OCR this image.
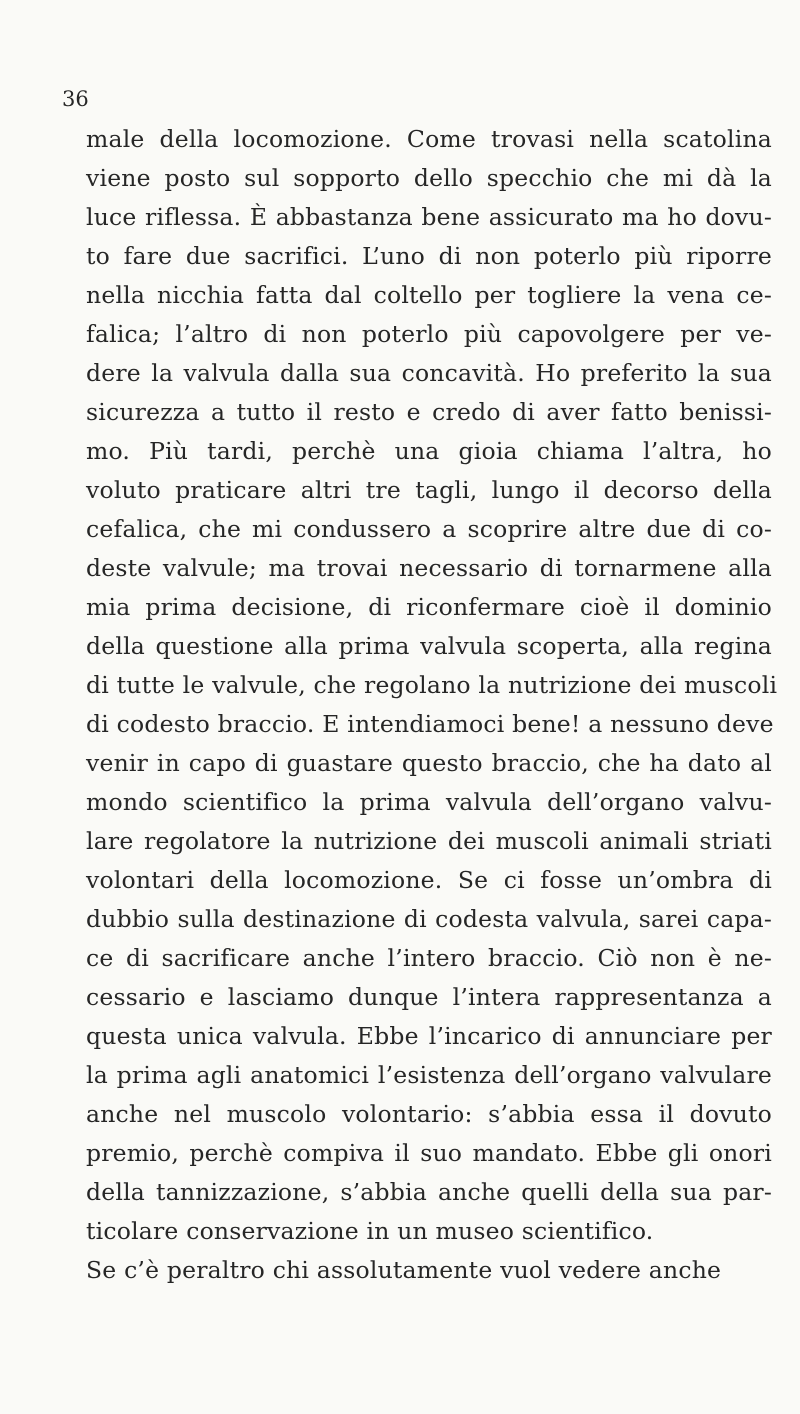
36
male della locomozione. Come trovasi nella scatolina
viene posto sul sopporto dello specchio che mi dà la
luce riflessa. È abbastanza bene assicurato ma ho dovu-
to fare due sacrifici. L’uno di non poterlo più riporre
nella nicchia fatta dal coltello per togliere la vena ce-
falica; l’altro di non poterlo più capovolgere per ve-
dere la valvula dalla sua concavità. Ho preferito la sua
sicurezza a tutto il resto e credo di aver fatto benissi-
mo. Più tardi, perchè una gioia chiama l’altra, ho
voluto praticare altri tre tagli, lungo il decorso della
cefalica, che mi condussero a scoprire altre due di co-
deste valvule; ma trovai necessario di tornarmene alla
mia prima decisione, di riconfermare cioè il dominio
della questione alla prima valvula scoperta, alla regina
di tutte le valvule, che regolano la nutrizione dei muscoli
di codesto braccio. E intendiamoci bene! a nessuno deve
venir in capo di guastare questo braccio, che ha dato al
mondo scientifico la prima valvula dell’organo valvu-
lare regolatore la nutrizione dei muscoli animali striati
volontari della locomozione. Se ci fosse un’ombra di
dubbio sulla destinazione di codesta valvula, sarei capa-
ce di sacrificare anche l’intero braccio. Ciò non è ne-
cessario e lasciamo dunque l’intera rappresentanza a
questa unica valvula. Ebbe l’incarico di annunciare per
la prima agli anatomici l’esistenza dell’organo valvulare
anche nel muscolo volontario: s’abbia essa il dovuto
premio, perchè compiva il suo mandato. Ebbe gli onori
della tannizzazione, s’abbia anche quelli della sua par-
ticolare conservazione in un museo scientifico.
Se c’è peraltro chi assolutamente vuol vedere anche
